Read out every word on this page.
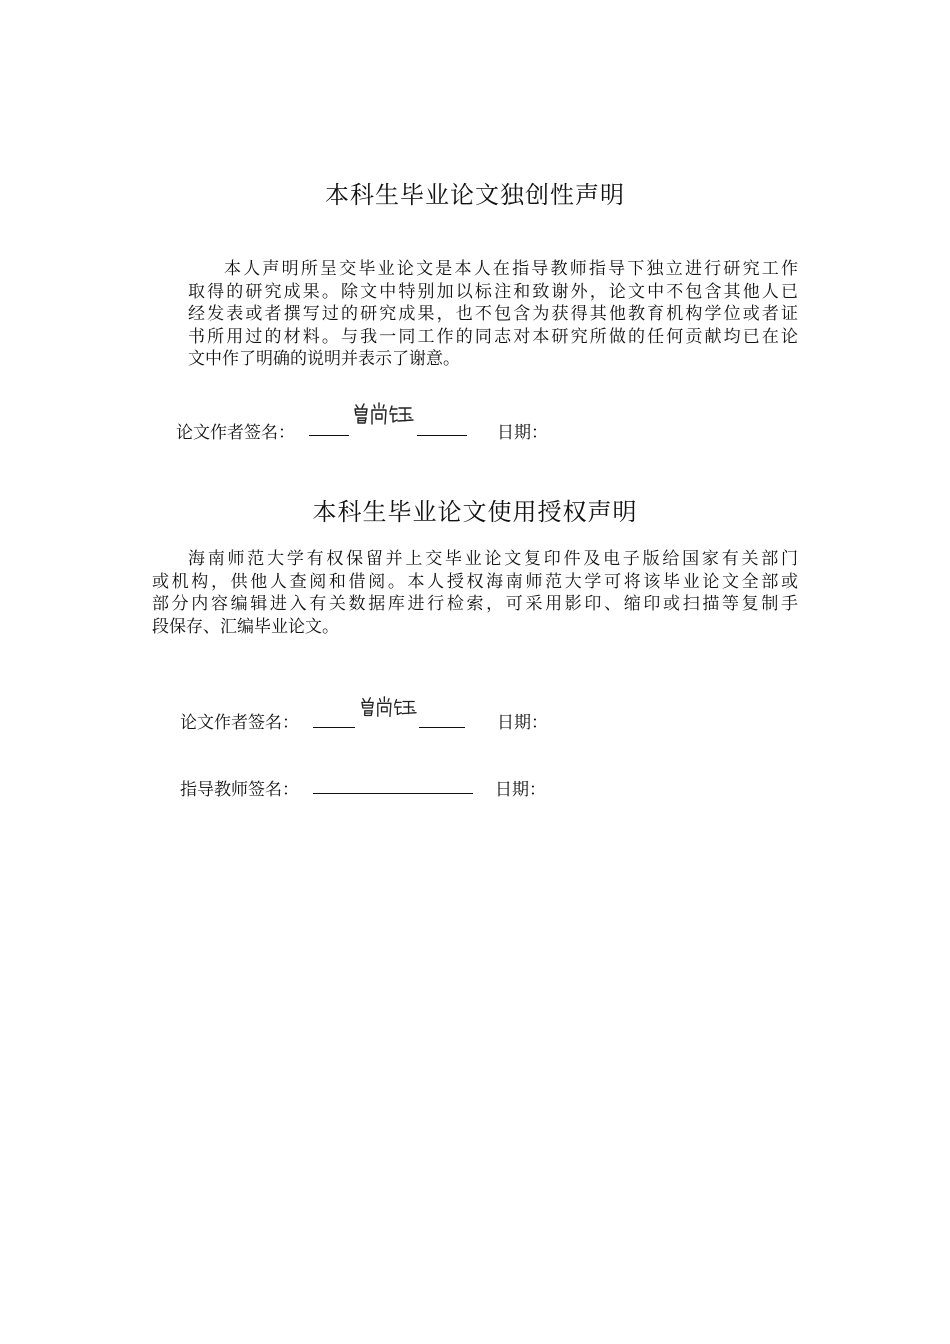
本科生毕业论文独创性声明
本人声明所呈交毕业论文是本人在指导教师指导下独立进行研究工作
取得的研究成果。除文中特别加以标注和致谢外，论文中不包含其他人已
经发表或者撰写过的研究成果，也不包含为获得其他教育机构学位或者证
书所用过的材料。与我一同工作的同志对本研究所做的任何贡献均已在论
文中作了明确的说明并表示了谢意。
论文作者签名：	日期：
本科生毕业论文使用授权声明
海南师范大学有权保留并上交毕业论文复印件及电子版给国家有关部门
或机构，供他人查阅和借阅。本人授权海南师范大学可将该毕业论文全部或
部分内容编辑进入有关数据库进行检索，可采用影印、缩印或扫描等复制手
段保存、汇编毕业论文。
论文作者签名：	日期：
指导教师签名：	日期：
